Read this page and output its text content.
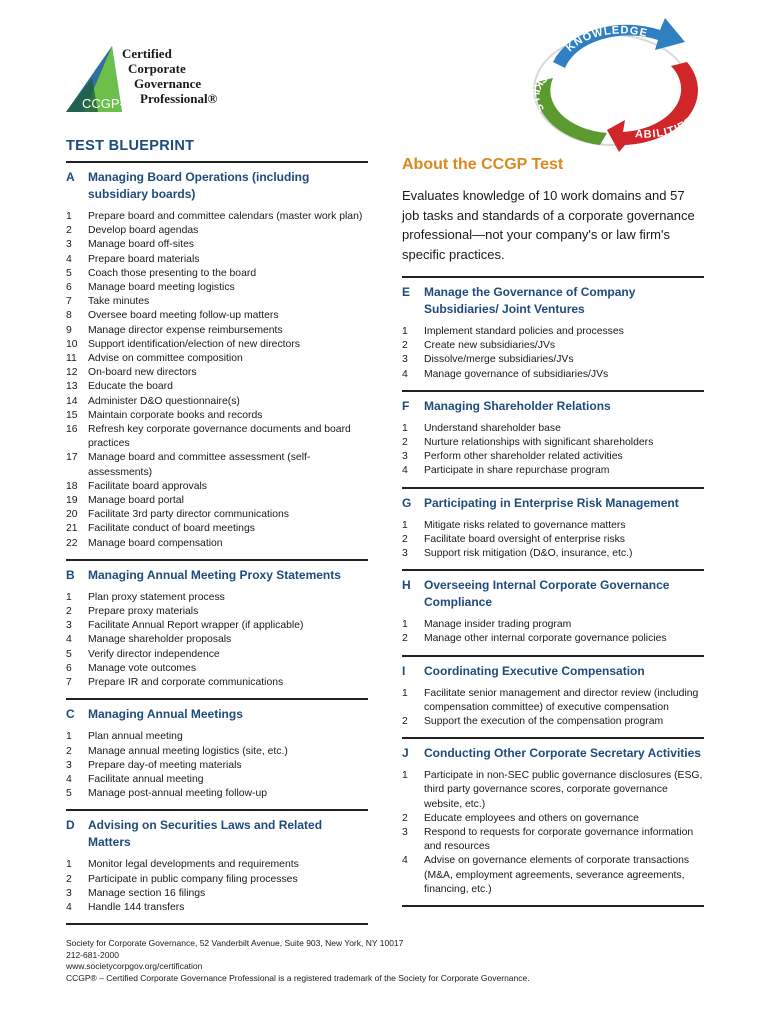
Certified
Corporate
Governance
Professional®
CCGP-
KNOWLEDGE
SKILLS
ABILITIES
TEST BLUEPRINT
A	Managing Board Operations (including subsidiary boards)
1	Prepare board and committee calendars (master work plan)
2	Develop board agendas
3	Manage board off-sites
4	Prepare board materials
5	Coach those presenting to the board
6	Manage board meeting logistics
7	Take minutes
8	Oversee board meeting follow-up matters
9	Manage director expense reimbursements
10	Support identification/election of new directors
11	Advise on committee composition
12	On-board new directors
13	Educate the board
14	Administer D&O questionnaire(s)
15	Maintain corporate books and records
16	Refresh key corporate governance documents and board practices
17	Manage board and committee assessment (self-assessments)
18	Facilitate board approvals
19	Manage board portal
20	Facilitate 3rd party director communications
21	Facilitate conduct of board meetings
22	Manage board compensation
B	Managing Annual Meeting Proxy Statements
1	Plan proxy statement process
2	Prepare proxy materials
3	Facilitate Annual Report wrapper (if applicable)
4	Manage shareholder proposals
5	Verify director independence
6	Manage vote outcomes
7	Prepare IR and corporate communications
C	Managing Annual Meetings
1	Plan annual meeting
2	Manage annual meeting logistics (site, etc.)
3	Prepare day-of meeting materials
4	Facilitate annual meeting
5	Manage post-annual meeting follow-up
D	Advising on Securities Laws and Related Matters
1	Monitor legal developments and requirements
2	Participate in public company filing processes
3	Manage section 16 filings
4	Handle 144 transfers
About the CCGP Test
Evaluates knowledge of 10 work domains and 57 job tasks and standards of a corporate governance professional—not your company's or law firm's specific practices.
E	Manage the Governance of Company Subsidiaries/ Joint Ventures
1	Implement standard policies and processes
2	Create new subsidiaries/JVs
3	Dissolve/merge subsidiaries/JVs
4	Manage governance of subsidiaries/JVs
F	Managing Shareholder Relations
1	Understand shareholder base
2	Nurture relationships with significant shareholders
3	Perform other shareholder related activities
4	Participate in share repurchase program
G	Participating in Enterprise Risk Management
1	Mitigate risks related to governance matters
2	Facilitate board oversight of enterprise risks
3	Support risk mitigation (D&O, insurance, etc.)
H	Overseeing Internal Corporate Governance Compliance
1	Manage insider trading program
2	Manage other internal corporate governance policies
I	Coordinating Executive Compensation
1	Facilitate senior management and director review (including compensation committee) of executive compensation
2	Support the execution of the compensation program
J	Conducting Other Corporate Secretary Activities
1	Participate in non-SEC public governance disclosures (ESG, third party governance scores, corporate governance website, etc.)
2	Educate employees and others on governance
3	Respond to requests for corporate governance information and resources
4	Advise on governance elements of corporate transactions (M&A, employment agreements, severance agreements, financing, etc.)
Society for Corporate Governance, 52 Vanderbilt Avenue, Suite 903, New York, NY 10017
212-681-2000
www.societycorpgov.org/certification
CCGP® – Certified Corporate Governance Professional is a registered trademark of the Society for Corporate Governance.
